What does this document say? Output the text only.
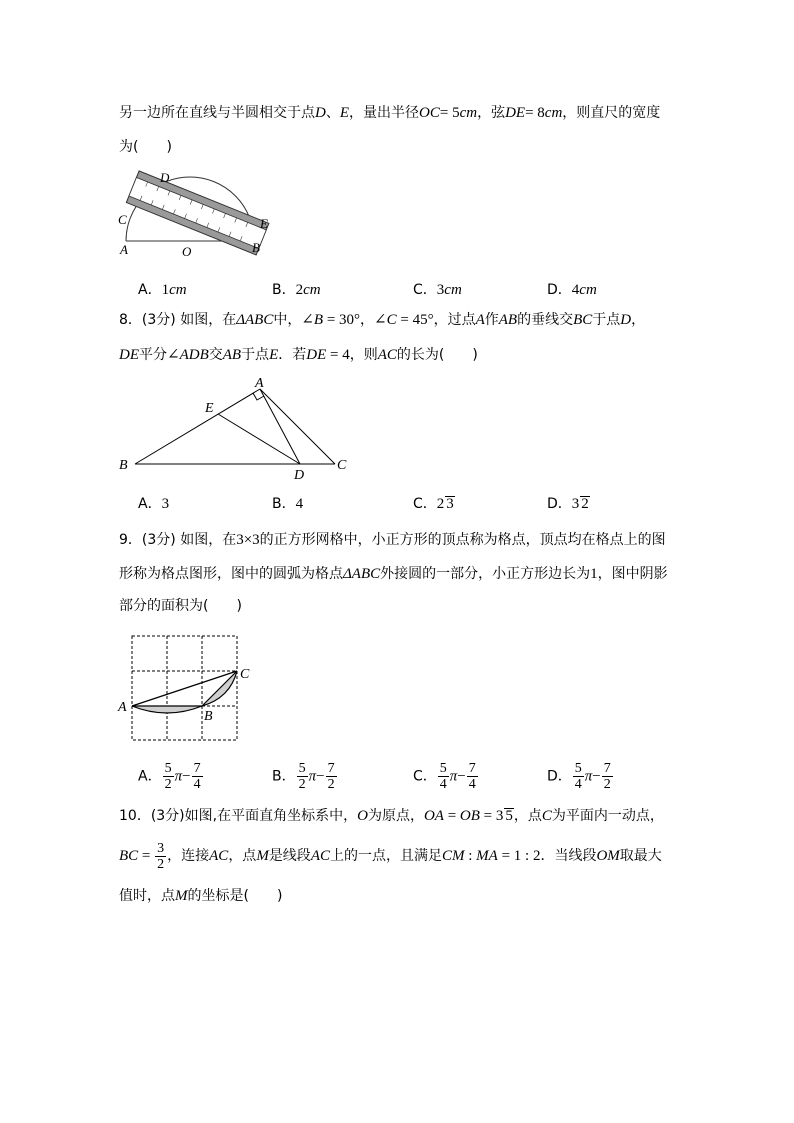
另一边所在直线与半圆相交于点D、E，量出半径OC= 5cm，弦DE= 8cm，则直尺的宽度
为(　　)
D
C	E
A	O	B
A．1cm	B．2cm	C．3cm	D．4cm
8．(3分) 如图，在ΔABC中，∠B = 30°，∠C = 45°，过点A作AB的垂线交BC于点D，
DE平分∠ADB交AB于点E．若DE = 4，则AC的长为(　　)
A
E
B
D
C
A．3	B．4	C．2 3	D．3 2
9．(3分) 如图，在3×3的正方形网格中，小正方形的顶点称为格点，顶点均在格点上的图
形称为格点图形，图中的圆弧为格点ΔABC外接圆的一部分，小正方形边长为1，图中阴影
部分的面积为(　　)
A
B
C
A． $\frac{5}{2} \pi- \frac{7}{4}$	B． $\frac{5}{2} \pi- \frac{7}{2}$	C． $\frac{5}{4} \pi- \frac{7}{4}$	D． $\frac{5}{4} \pi- \frac{7}{2}$
10．(3分)如图,在平面直角坐标系中，O为原点，OA = OB = 3 5，点C为平面内一动点，
BC = $\frac{3}{2}$ ，连接AC，点M是线段AC上的一点，且满足CM : MA = 1 : 2．当线段OM取最大
值时，点M的坐标是(　　)
